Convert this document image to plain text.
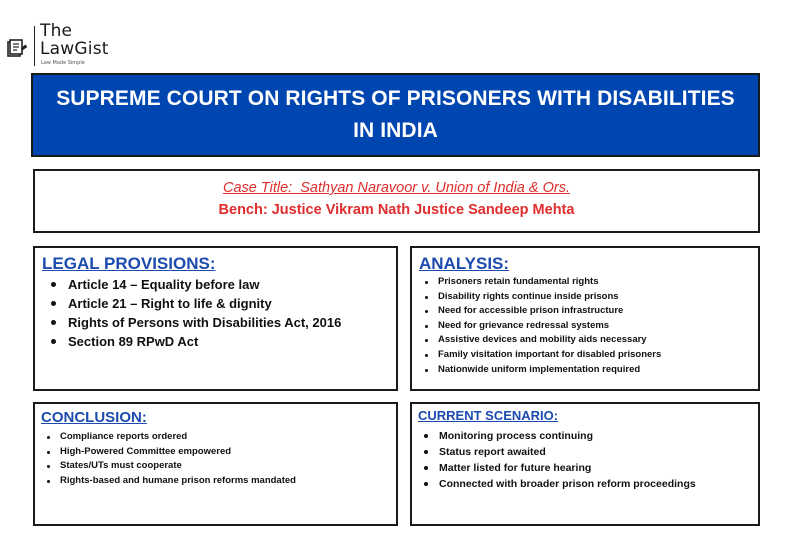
The
LawGist
Law Made Simple
SUPREME COURT ON RIGHTS OF PRISONERS WITH DISABILITIES IN INDIA
Case Title:  Sathyan Naravoor v. Union of India & Ors.
Bench: Justice Vikram Nath Justice Sandeep Mehta
LEGAL PROVISIONS:
Article 14 – Equality before law
Article 21 – Right to life & dignity
Rights of Persons with Disabilities Act, 2016
Section 89 RPwD Act
ANALYSIS:
Prisoners retain fundamental rights
Disability rights continue inside prisons
Need for accessible prison infrastructure
Need for grievance redressal systems
Assistive devices and mobility aids necessary
Family visitation important for disabled prisoners
Nationwide uniform implementation required
CONCLUSION:
Compliance reports ordered
High-Powered Committee empowered
States/UTs must cooperate
Rights-based and humane prison reforms mandated
CURRENT SCENARIO:
Monitoring process continuing
Status report awaited
Matter listed for future hearing
Connected with broader prison reform proceedings
